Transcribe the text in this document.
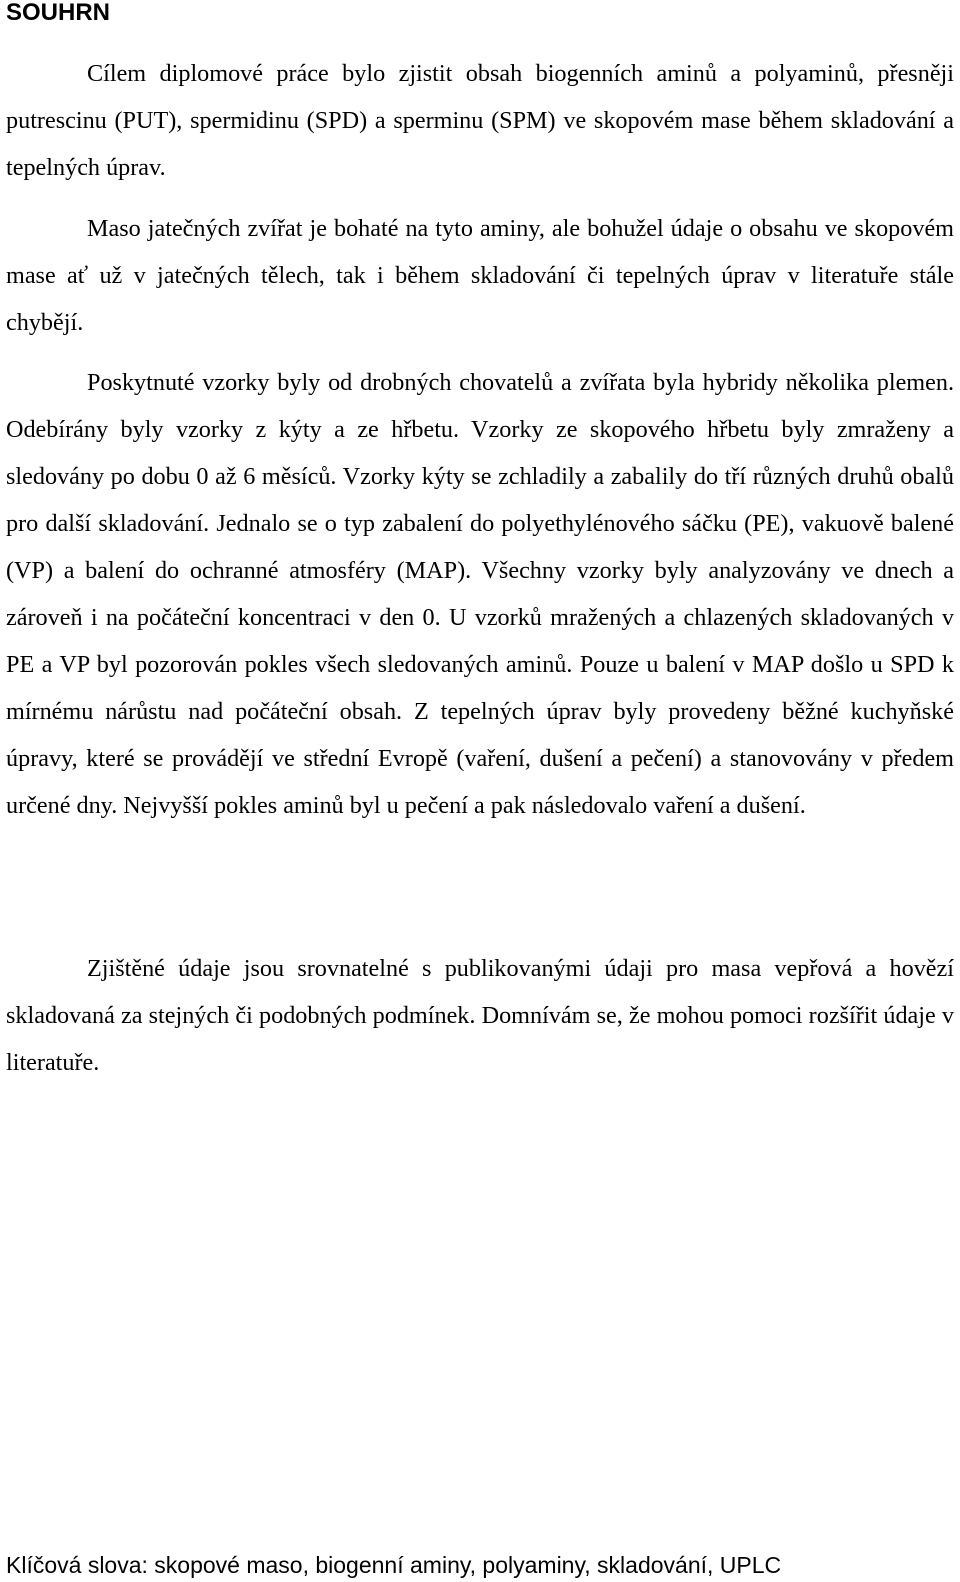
SOUHRN

Cílem diplomové práce bylo zjistit obsah biogenních aminů a polyaminů, přesněji putrescinu (PUT), spermidinu (SPD) a sperminu (SPM) ve skopovém mase během skladování a tepelných úprav.

Maso jatečných zvířat je bohaté na tyto aminy, ale bohužel údaje o obsahu ve skopovém mase ať už v jatečných tělech, tak i během skladování či tepelných úprav v literatuře stále chybějí.

Poskytnuté vzorky byly od drobných chovatelů a zvířata byla hybridy několika plemen. Odebírány byly vzorky z kýty a ze hřbetu. Vzorky ze skopového hřbetu byly zmraženy a sledovány po dobu 0 až 6 měsíců. Vzorky kýty se zchladily a zabalily do tří různých druhů obalů pro další skladování. Jednalo se o typ zabalení do polyethylénového sáčku (PE), vakuově balené (VP) a balení do ochranné atmosféry (MAP). Všechny vzorky byly analyzovány ve dnech a zároveň i na počáteční koncentraci v den 0. U vzorků mražených a chlazených skladovaných v PE a VP byl pozorován pokles všech sledovaných aminů. Pouze u balení v MAP došlo u SPD k mírnému nárůstu nad počáteční obsah. Z tepelných úprav byly provedeny běžné kuchyňské úpravy, které se provádějí ve střední Evropě (vaření, dušení a pečení) a stanovovány v předem určené dny. Nejvyšší pokles aminů byl u pečení a pak následovalo vaření a dušení.

Zjištěné údaje jsou srovnatelné s publikovanými údaji pro masa vepřová a hovězí skladovaná za stejných či podobných podmínek. Domnívám se, že mohou pomoci rozšířit údaje v literatuře.

Klíčová slova: skopové maso, biogenní aminy, polyaminy, skladování, UPLC
